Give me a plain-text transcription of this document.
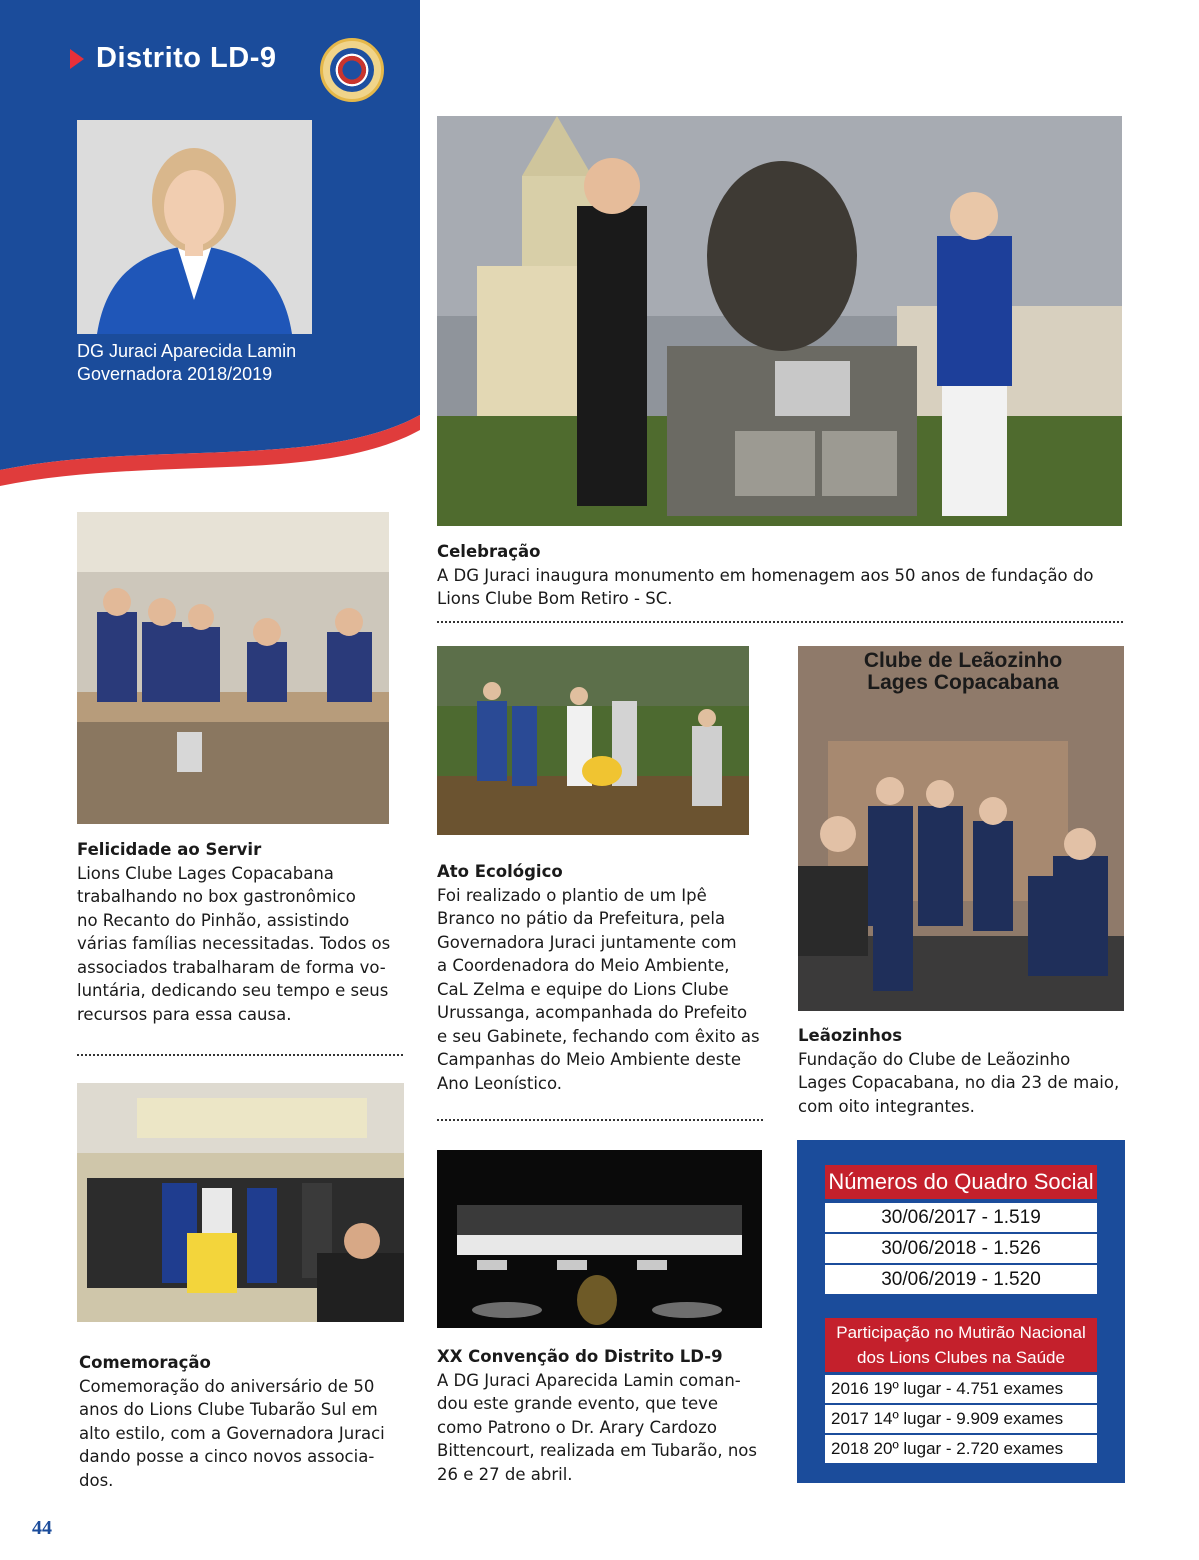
Distrito LD-9
DG Juraci Aparecida Lamin
Governadora 2018/2019
Celebração
A DG Juraci inaugura monumento em homenagem aos 50 anos de fundação do
Lions Clube Bom Retiro - SC.
Felicidade ao Servir
Lions Clube Lages Copacabana
trabalhando no box gastronômico
no Recanto do Pinhão, assistindo
várias famílias necessitadas. Todos os
associados trabalharam de forma vo-
luntária, dedicando seu tempo e seus
recursos para essa causa.
Ato Ecológico
Foi realizado o plantio de um Ipê
Branco no pátio da Prefeitura, pela
Governadora Juraci juntamente com
a Coordenadora do Meio Ambiente,
CaL Zelma e equipe do Lions Clube
Urussanga, acompanhada do Prefeito
e seu Gabinete, fechando com êxito as
Campanhas do Meio Ambiente deste
Ano Leonístico.
Clube de Leãozinho Lages Copacabana
Leãozinhos
Fundação do Clube de Leãozinho
Lages Copacabana, no dia 23 de maio,
com oito integrantes.
Comemoração
Comemoração do aniversário de 50
anos do Lions Clube Tubarão Sul em
alto estilo, com a Governadora Juraci
dando posse a cinco novos associa-
dos.
XX Convenção do Distrito LD-9
A DG Juraci Aparecida Lamin coman-
dou este grande evento, que teve
como Patrono o Dr. Arary Cardozo
Bittencourt, realizada em Tubarão, nos
26 e 27 de abril.
Números do Quadro Social
30/06/2017 - 1.519
30/06/2018 - 1.526
30/06/2019 - 1.520
Participação no Mutirão Nacional
dos Lions Clubes na Saúde
2016 19º lugar - 4.751 exames
2017 14º lugar - 9.909 exames
2018 20º lugar - 2.720 exames
44
